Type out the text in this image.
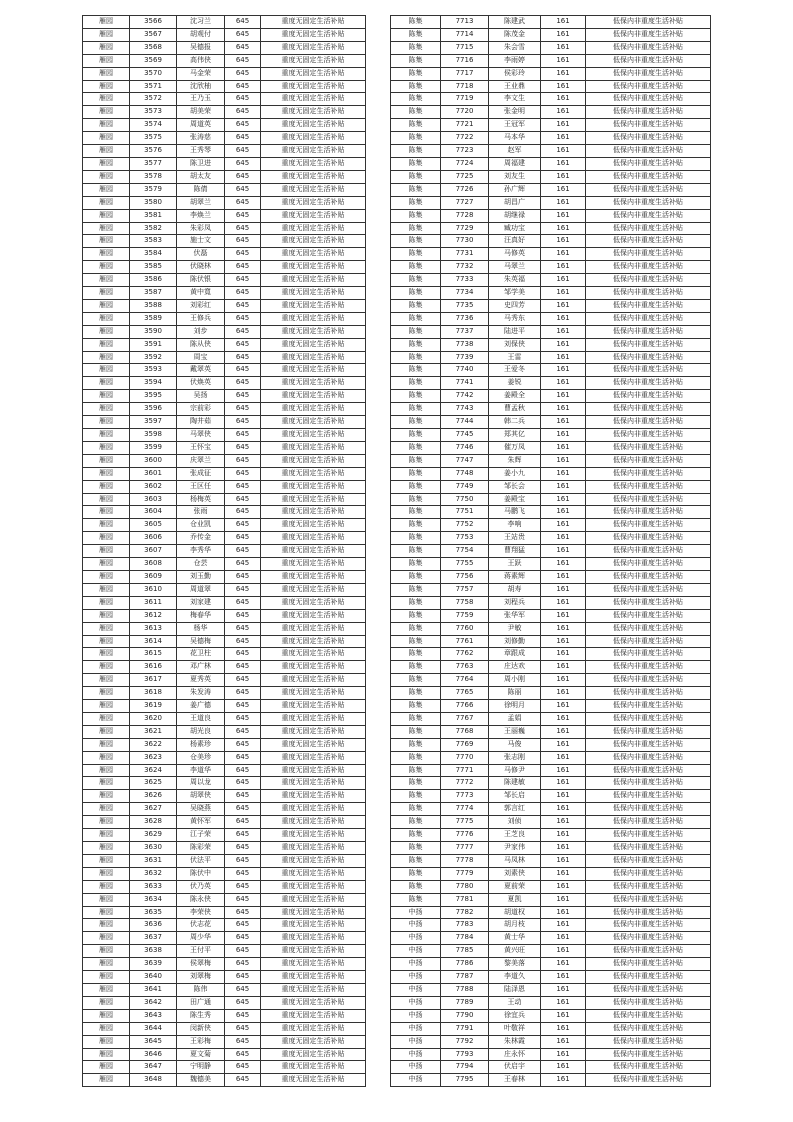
雁园	3566	沈习兰	645	重度无固定生活补贴
雁园	3567	胡观付	645	重度无固定生活补贴
雁园	3568	吴德报	645	重度无固定生活补贴
雁园	3569	高伟侠	645	重度无固定生活补贴
雁园	3570	马金荣	645	重度无固定生活补贴
雁园	3571	沈欣柚	645	重度无固定生活补贴
雁园	3572	王乃玉	645	重度无固定生活补贴
雁园	3573	胡美荣	645	重度无固定生活补贴
雁园	3574	周道英	645	重度无固定生活补贴
雁园	3575	张涛慈	645	重度无固定生活补贴
雁园	3576	王秀琴	645	重度无固定生活补贴
雁园	3577	陈卫进	645	重度无固定生活补贴
雁园	3578	胡太友	645	重度无固定生活补贴
雁园	3579	陈倩	645	重度无固定生活补贴
雁园	3580	胡翠兰	645	重度无固定生活补贴
雁园	3581	李焕兰	645	重度无固定生活补贴
雁园	3582	朱彩凤	645	重度无固定生活补贴
雁园	3583	施士文	645	重度无固定生活补贴
雁园	3584	伏磊	645	重度无固定生活补贴
雁园	3585	伏晓林	645	重度无固定生活补贴
雁园	3586	陈伏银	645	重度无固定生活补贴
雁园	3587	黄中寬	645	重度无固定生活补贴
雁园	3588	刘彩红	645	重度无固定生活补贴
雁园	3589	王修兵	645	重度无固定生活补贴
雁园	3590	刘步	645	重度无固定生活补贴
雁园	3591	陈从侠	645	重度无固定生活补贴
雁园	3592	周宝	645	重度无固定生活补贴
雁园	3593	戴翠英	645	重度无固定生活补贴
雁园	3594	伏焕英	645	重度无固定生活补贴
雁园	3595	吴扬	645	重度无固定生活补贴
雁园	3596	宗前彩	645	重度无固定生活补贴
雁园	3597	陶井茹	645	重度无固定生活补贴
雁园	3598	马翠侠	645	重度无固定生活补贴
雁园	3599	王怀宝	645	重度无固定生活补贴
雁园	3600	庆翠兰	645	重度无固定生活补贴
雁园	3601	张成征	645	重度无固定生活补贴
雁园	3602	王区任	645	重度无固定生活补贴
雁园	3603	杨梅英	645	重度无固定生活补贴
雁园	3604	张雨	645	重度无固定生活补贴
雁园	3605	仓业凯	645	重度无固定生活补贴
雁园	3606	乔传金	645	重度无固定生活补贴
雁园	3607	李秀华	645	重度无固定生活补贴
雁园	3608	仓芸	645	重度无固定生活补贴
雁园	3609	刘玉勤	645	重度无固定生活补贴
雁园	3610	周道翠	645	重度无固定生活补贴
雁园	3611	刘家建	645	重度无固定生活补贴
雁园	3612	梅春华	645	重度无固定生活补贴
雁园	3613	杨华	645	重度无固定生活补贴
雁园	3614	吴德梅	645	重度无固定生活补贴
雁园	3615	花卫柱	645	重度无固定生活补贴
雁园	3616	邓广林	645	重度无固定生活补贴
雁园	3617	夏秀英	645	重度无固定生活补贴
雁园	3618	朱发涛	645	重度无固定生活补贴
雁园	3619	姜广德	645	重度无固定生活补贴
雁园	3620	王道良	645	重度无固定生活补贴
雁园	3621	胡光良	645	重度无固定生活补贴
雁园	3622	杨素珍	645	重度无固定生活补贴
雁园	3623	仓美珍	645	重度无固定生活补贴
雁园	3624	李道华	645	重度无固定生活补贴
雁园	3625	周以龙	645	重度无固定生活补贴
雁园	3626	胡翠侠	645	重度无固定生活补贴
雁园	3627	吴晓燕	645	重度无固定生活补贴
雁园	3628	黄怀军	645	重度无固定生活补贴
雁园	3629	江子荣	645	重度无固定生活补贴
雁园	3630	陈彩荣	645	重度无固定生活补贴
雁园	3631	伏法平	645	重度无固定生活补贴
雁园	3632	陈伏中	645	重度无固定生活补贴
雁园	3633	伏乃英	645	重度无固定生活补贴
雁园	3634	陈永侠	645	重度无固定生活补贴
雁园	3635	李荣侠	645	重度无固定生活补贴
雁园	3636	伏志花	645	重度无固定生活补贴
雁园	3637	周少华	645	重度无固定生活补贴
雁园	3638	王付平	645	重度无固定生活补贴
雁园	3639	侯翠梅	645	重度无固定生活补贴
雁园	3640	刘翠梅	645	重度无固定生活补贴
雁园	3641	陈伟	645	重度无固定生活补贴
雁园	3642	田广通	645	重度无固定生活补贴
雁园	3643	陈生秀	645	重度无固定生活补贴
雁园	3644	闵新侠	645	重度无固定生活补贴
雁园	3645	王彩梅	645	重度无固定生活补贴
雁园	3646	夏文菊	645	重度无固定生活补贴
雁园	3647	宁明静	645	重度无固定生活补贴
雁园	3648	魏德美	645	重度无固定生活补贴
陈集	7713	陈建武	161	低保内非重度生活补贴
陈集	7714	陈茂金	161	低保内非重度生活补贴
陈集	7715	朱会雪	161	低保内非重度生活补贴
陈集	7716	李雨婷	161	低保内非重度生活补贴
陈集	7717	侯彩玲	161	低保内非重度生活补贴
陈集	7718	王业鼎	161	低保内非重度生活补贴
陈集	7719	李文生	161	低保内非重度生活补贴
陈集	7720	张金明	161	低保内非重度生活补贴
陈集	7721	王冠军	161	低保内非重度生活补贴
陈集	7722	马本华	161	低保内非重度生活补贴
陈集	7723	赵军	161	低保内非重度生活补贴
陈集	7724	周福建	161	低保内非重度生活补贴
陈集	7725	刘友生	161	低保内非重度生活补贴
陈集	7726	孙广辉	161	低保内非重度生活补贴
陈集	7727	胡昌广	161	低保内非重度生活补贴
陈集	7728	胡继禄	161	低保内非重度生活补贴
陈集	7729	臧功宝	161	低保内非重度生活补贴
陈集	7730	汪真好	161	低保内非重度生活补贴
陈集	7731	马修英	161	低保内非重度生活补贴
陈集	7732	马翠兰	161	低保内非重度生活补贴
陈集	7733	朱英福	161	低保内非重度生活补贴
陈集	7734	邹学美	161	低保内非重度生活补贴
陈集	7735	史四芳	161	低保内非重度生活补贴
陈集	7736	马秀东	161	低保内非重度生活补贴
陈集	7737	陆进平	161	低保内非重度生活补贴
陈集	7738	刘保侠	161	低保内非重度生活补贴
陈集	7739	王雷	161	低保内非重度生活补贴
陈集	7740	王爱冬	161	低保内非重度生活补贴
陈集	7741	姜锐	161	低保内非重度生活补贴
陈集	7742	姜殿全	161	低保内非重度生活补贴
陈集	7743	曹孟秋	161	低保内非重度生活补贴
陈集	7744	韩二兵	161	低保内非重度生活补贴
陈集	7745	郑其亿	161	低保内非重度生活补贴
陈集	7746	催万凤	161	低保内非重度生活补贴
陈集	7747	朱辉	161	低保内非重度生活补贴
陈集	7748	姜小九	161	低保内非重度生活补贴
陈集	7749	邹长会	161	低保内非重度生活补贴
陈集	7750	姜殿宝	161	低保内非重度生活补贴
陈集	7751	马鹏飞	161	低保内非重度生活补贴
陈集	7752	李响	161	低保内非重度生活补贴
陈集	7753	王站贵	161	低保内非重度生活补贴
陈集	7754	曹翔猛	161	低保内非重度生活补贴
陈集	7755	王跃	161	低保内非重度生活补贴
陈集	7756	蒋素辉	161	低保内非重度生活补贴
陈集	7757	胡寿	161	低保内非重度生活补贴
陈集	7758	刘程兵	161	低保内非重度生活补贴
陈集	7759	张华军	161	低保内非重度生活补贴
陈集	7760	尹敏	161	低保内非重度生活补贴
陈集	7761	刘修勤	161	低保内非重度生活补贴
陈集	7762	章跟成	161	低保内非重度生活补贴
陈集	7763	庄达欢	161	低保内非重度生活补贴
陈集	7764	周小刚	161	低保内非重度生活补贴
陈集	7765	陈丽	161	低保内非重度生活补贴
陈集	7766	徐明月	161	低保内非重度生活补贴
陈集	7767	孟娟	161	低保内非重度生活补贴
陈集	7768	王丽巍	161	低保内非重度生活补贴
陈集	7769	马俊	161	低保内非重度生活补贴
陈集	7770	张志刚	161	低保内非重度生活补贴
陈集	7771	马修尹	161	低保内非重度生活补贴
陈集	7772	陈建敏	161	低保内非重度生活补贴
陈集	7773	邹长启	161	低保内非重度生活补贴
陈集	7774	郭言红	161	低保内非重度生活补贴
陈集	7775	刘侦	161	低保内非重度生活补贴
陈集	7776	王芝良	161	低保内非重度生活补贴
陈集	7777	尹家伟	161	低保内非重度生活补贴
陈集	7778	马凤林	161	低保内非重度生活补贴
陈集	7779	刘素侠	161	低保内非重度生活补贴
陈集	7780	夏前荣	161	低保内非重度生活补贴
陈集	7781	夏凯	161	低保内非重度生活补贴
中扬	7782	胡道权	161	低保内非重度生活补贴
中扬	7783	胡月枝	161	低保内非重度生活补贴
中扬	7784	黄士华	161	低保内非重度生活补贴
中扬	7785	黄兴旺	161	低保内非重度生活补贴
中扬	7786	黎美落	161	低保内非重度生活补贴
中扬	7787	李道久	161	低保内非重度生活补贴
中扬	7788	陆泽恩	161	低保内非重度生活补贴
中扬	7789	王动	161	低保内非重度生活补贴
中扬	7790	徐宜兵	161	低保内非重度生活补贴
中扬	7791	叶敬祥	161	低保内非重度生活补贴
中扬	7792	朱林霞	161	低保内非重度生活补贴
中扬	7793	庄永怀	161	低保内非重度生活补贴
中扬	7794	伏启宇	161	低保内非重度生活补贴
中扬	7795	王春林	161	低保内非重度生活补贴
